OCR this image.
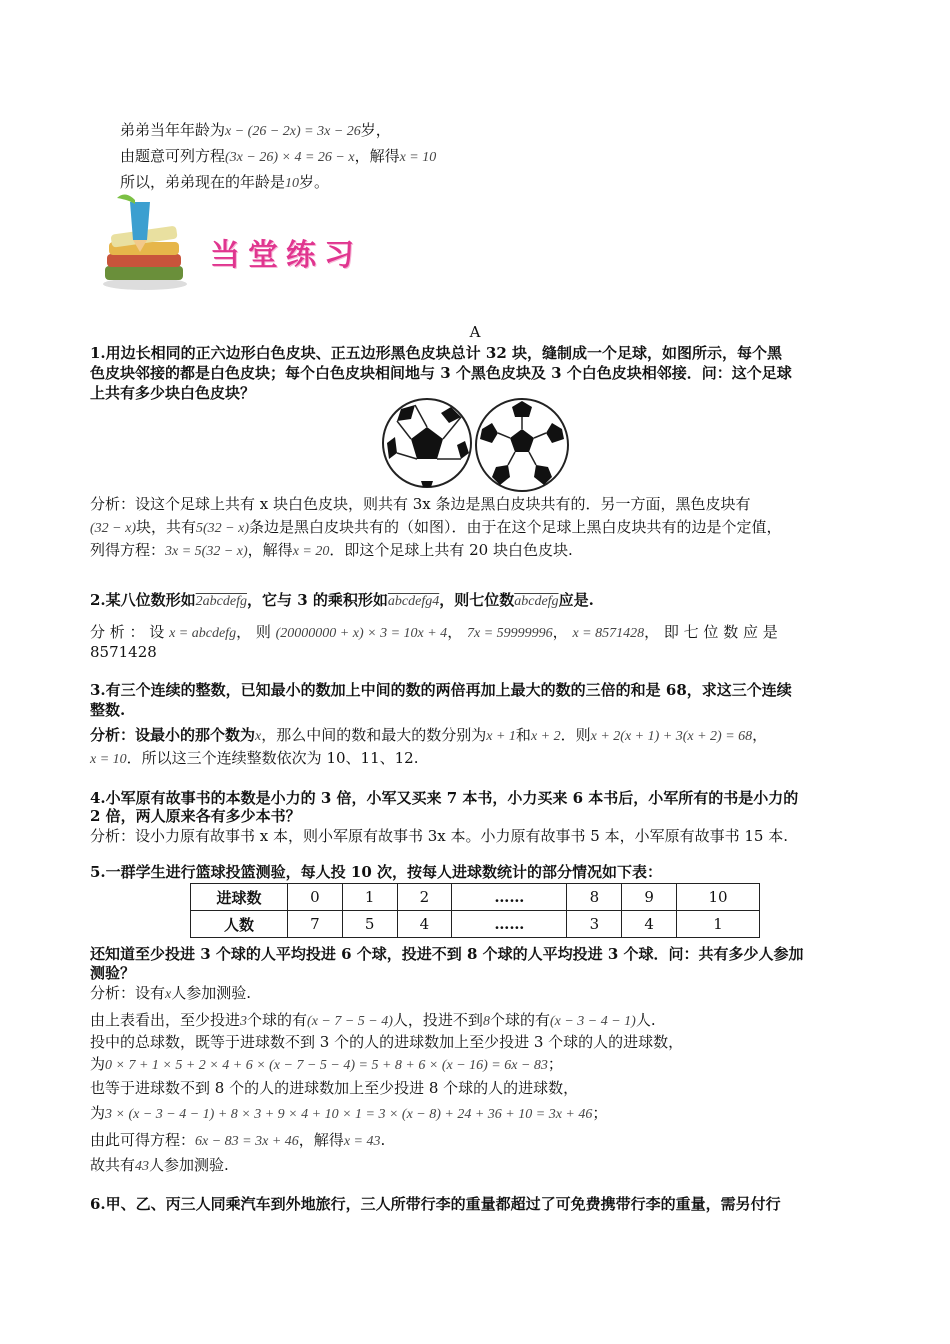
弟弟当年年龄为x − (26 − 2x) = 3x − 26岁，
由题意可列方程(3x − 26) × 4 = 26 − x，解得x = 10
所以，弟弟现在的年龄是10岁。
当堂练习
A
1.用边长相同的正六边形白色皮块、正五边形黑色皮块总计 32 块，缝制成一个足球，如图所示，每个黑
色皮块邻接的都是白色皮块；每个白色皮块相间地与 3 个黑色皮块及 3 个白色皮块相邻接．问：这个足球
上共有多少块白色皮块？
分析：设这个足球上共有 x 块白色皮块，则共有 3x 条边是黑白皮块共有的．另一方面，黑色皮块有
(32 − x)块，共有5(32 − x)条边是黑白皮块共有的（如图）．由于在这个足球上黑白皮块共有的边是个定值，
列得方程：3x = 5(32 − x)，解得x = 20．即这个足球上共有 20 块白色皮块.
2.某八位数形如2abcdefg，它与 3 的乘积形如abcdefg4，则七位数abcdefg应是.
分 析 ： 设 x = abcdefg， 则 (20000000 + x) × 3 = 10x + 4， 7x = 59999996， x = 8571428， 即 七 位 数 应 是
8571428
3.有三个连续的整数，已知最小的数加上中间的数的两倍再加上最大的数的三倍的和是 68，求这三个连续
整数.
分析：设最小的那个数为x，那么中间的数和最大的数分别为x + 1和x + 2．则x + 2(x + 1) + 3(x + 2) = 68，
x = 10．所以这三个连续整数依次为 10、11、12.
4.小军原有故事书的本数是小力的 3 倍，小军又买来 7 本书，小力买来 6 本书后，小军所有的书是小力的
2 倍，两人原来各有多少本书？
分析：设小力原有故事书 x 本，则小军原有故事书 3x 本。小力原有故事书 5 本，小军原有故事书 15 本.
5.一群学生进行篮球投篮测验，每人投 10 次，按每人进球数统计的部分情况如下表：
进球数	0	1	2	……	8	9	10
人数	7	5	4	……	3	4	1
还知道至少投进 3 个球的人平均投进 6 个球，投进不到 8 个球的人平均投进 3 个球．问：共有多少人参加
测验？
分析：设有x人参加测验.
由上表看出，至少投进3个球的有(x − 7 − 5 − 4)人，投进不到8个球的有(x − 3 − 4 − 1)人.
投中的总球数，既等于进球数不到 3 个的人的进球数加上至少投进 3 个球的人的进球数，
为0 × 7 + 1 × 5 + 2 × 4 + 6 × (x − 7 − 5 − 4) = 5 + 8 + 6 × (x − 16) = 6x − 83；
也等于进球数不到 8 个的人的进球数加上至少投进 8 个球的人的进球数，
为3 × (x − 3 − 4 − 1) + 8 × 3 + 9 × 4 + 10 × 1 = 3 × (x − 8) + 24 + 36 + 10 = 3x + 46；
由此可得方程：6x − 83 = 3x + 46，解得x = 43.
故共有43人参加测验.
6.甲、乙、丙三人同乘汽车到外地旅行，三人所带行李的重量都超过了可免费携带行李的重量，需另付行
